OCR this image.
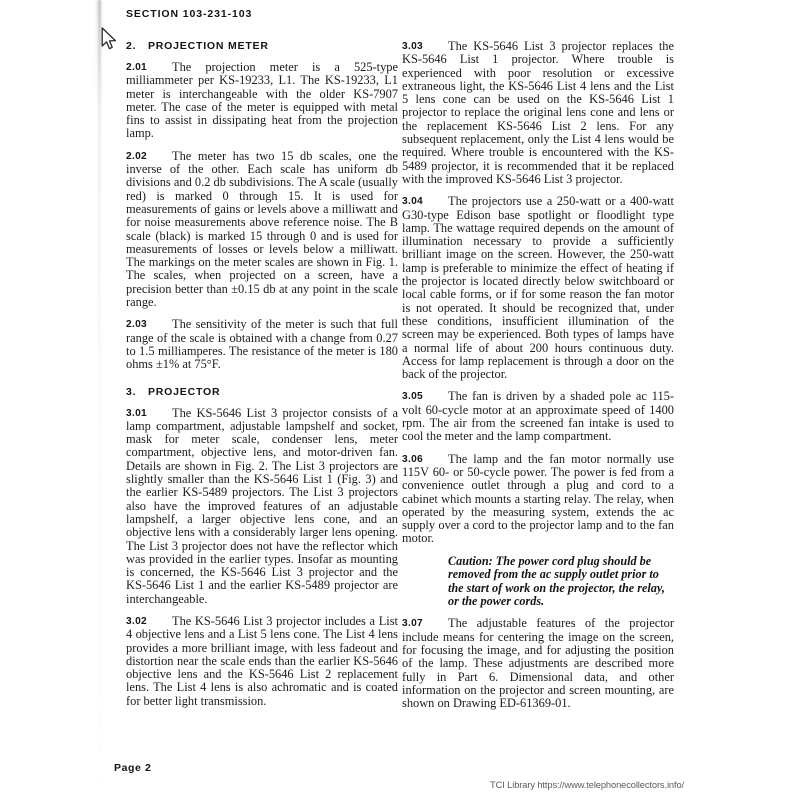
SECTION 103-231-103
2.	PROJECTION METER

2.01 The projection meter is a 525-type milliammeter per KS-19233, L1. The KS-19233, L1 meter is interchangeable with the older KS-7907 meter. The case of the meter is equipped with metal fins to assist in dissipating heat from the projection lamp.

2.02 The meter has two 15 db scales, one the inverse of the other. Each scale has uniform db divisions and 0.2 db subdivisions. The A scale (usually red) is marked 0 through 15. It is used for measurements of gains or levels above a milliwatt and for noise measurements above reference noise. The B scale (black) is marked 15 through 0 and is used for measurements of losses or levels below a milliwatt. The markings on the meter scales are shown in Fig. 1. The scales, when projected on a screen, have a precision better than ±0.15 db at any point in the scale range.

2.03 The sensitivity of the meter is such that full range of the scale is obtained with a change from 0.27 to 1.5 milliamperes. The resistance of the meter is 180 ohms ±1% at 75°F.

3.	PROJECTOR

3.01 The KS-5646 List 3 projector consists of a lamp compartment, adjustable lampshelf and socket, mask for meter scale, condenser lens, meter compartment, objective lens, and motor-driven fan. Details are shown in Fig. 2. The List 3 projectors are slightly smaller than the KS-5646 List 1 (Fig. 3) and the earlier KS-5489 projectors. The List 3 projectors also have the improved features of an adjustable lampshelf, a larger objective lens cone, and an objective lens with a considerably larger lens opening. The List 3 projector does not have the reflector which was provided in the earlier types. Insofar as mounting is concerned, the KS-5646 List 3 projector and the KS-5646 List 1 and the earlier KS-5489 projector are interchangeable.

3.02 The KS-5646 List 3 projector includes a List 4 objective lens and a List 5 lens cone. The List 4 lens provides a more brilliant image, with less fadeout and distortion near the scale ends than the earlier KS-5646 objective lens and the KS-5646 List 2 replacement lens. The List 4 lens is also achromatic and is coated for better light transmission.

3.03 The KS-5646 List 3 projector replaces the KS-5646 List 1 projector. Where trouble is experienced with poor resolution or excessive extraneous light, the KS-5646 List 4 lens and the List 5 lens cone can be used on the KS-5646 List 1 projector to replace the original lens cone and lens or the replacement KS-5646 List 2 lens. For any subsequent replacement, only the List 4 lens would be required. Where trouble is encountered with the KS-5489 projector, it is recommended that it be replaced with the improved KS-5646 List 3 projector.

3.04 The projectors use a 250-watt or a 400-watt G30-type Edison base spotlight or floodlight type lamp. The wattage required depends on the amount of illumination necessary to provide a sufficiently brilliant image on the screen. However, the 250-watt lamp is preferable to minimize the effect of heating if the projector is located directly below switchboard or local cable forms, or if for some reason the fan motor is not operated. It should be recognized that, under these conditions, insufficient illumination of the screen may be experienced. Both types of lamps have a normal life of about 200 hours continuous duty. Access for lamp replacement is through a door on the back of the projector.

3.05 The fan is driven by a shaded pole ac 115-volt 60-cycle motor at an approximate speed of 1400 rpm. The air from the screened fan intake is used to cool the meter and the lamp compartment.

3.06 The lamp and the fan motor normally use 115V 60- or 50-cycle power. The power is fed from a convenience outlet through a plug and cord to a cabinet which mounts a starting relay. The relay, when operated by the measuring system, extends the ac supply over a cord to the projector lamp and to the fan motor.

Caution: The power cord plug should be removed from the ac supply outlet prior to the start of work on the projector, the relay, or the power cords.

3.07 The adjustable features of the projector include means for centering the image on the screen, for focusing the image, and for adjusting the position of the lamp. These adjustments are described more fully in Part 6. Dimensional data, and other information on the projector and screen mounting, are shown on Drawing ED-61369-01.

Page 2
TCI Library https://www.telephonecollectors.info/
